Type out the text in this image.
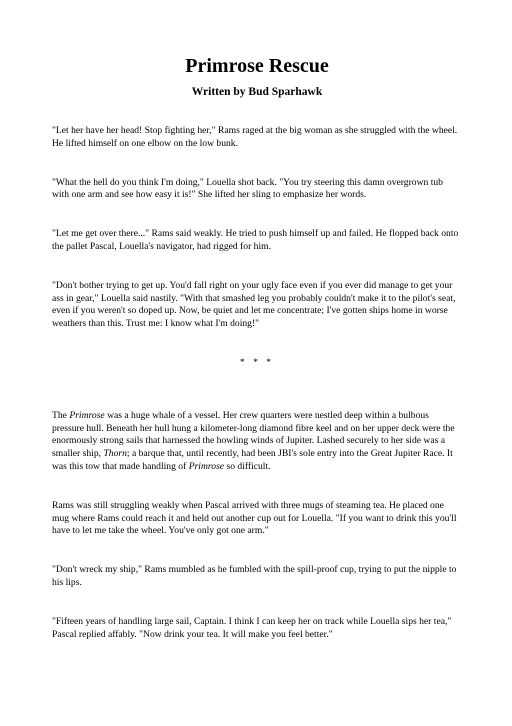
Primrose Rescue

Written by Bud Sparhawk

"Let her have her head! Stop fighting her," Rams raged at the big woman as she struggled with the wheel. He lifted himself on one elbow on the low bunk.

"What the hell do you think I'm doing," Louella shot back. "You try steering this damn overgrown tub with one arm and see how easy it is!" She lifted her sling to emphasize her words.

"Let me get over there..." Rams said weakly. He tried to push himself up and failed. He flopped back onto the pallet Pascal, Louella's navigator, had rigged for him.

"Don't bother trying to get up. You'd fall right on your ugly face even if you ever did manage to get your ass in gear," Louella said nastily. "With that smashed leg you probably couldn't make it to the pilot's seat, even if you weren't so doped up. Now, be quiet and let me concentrate; I've gotten ships home in worse weathers than this. Trust me: I know what I'm doing!"

* * *

The Primrose was a huge whale of a vessel. Her crew quarters were nestled deep within a bulbous pressure hull. Beneath her hull hung a kilometer-long diamond fibre keel and on her upper deck were the enormously strong sails that harnessed the howling winds of Jupiter. Lashed securely to her side was a smaller ship, Thorn; a barque that, until recently, had been JBI's sole entry into the Great Jupiter Race. It was this tow that made handling of Primrose so difficult.

Rams was still struggling weakly when Pascal arrived with three mugs of steaming tea. He placed one mug where Rams could reach it and held out another cup out for Louella. "If you want to drink this you'll have to let me take the wheel. You've only got one arm."

"Don't wreck my ship," Rams mumbled as he fumbled with the spill-proof cup, trying to put the nipple to his lips.

"Fifteen years of handling large sail, Captain. I think I can keep her on track while Louella sips her tea," Pascal replied affably. "Now drink your tea. It will make you feel better."
